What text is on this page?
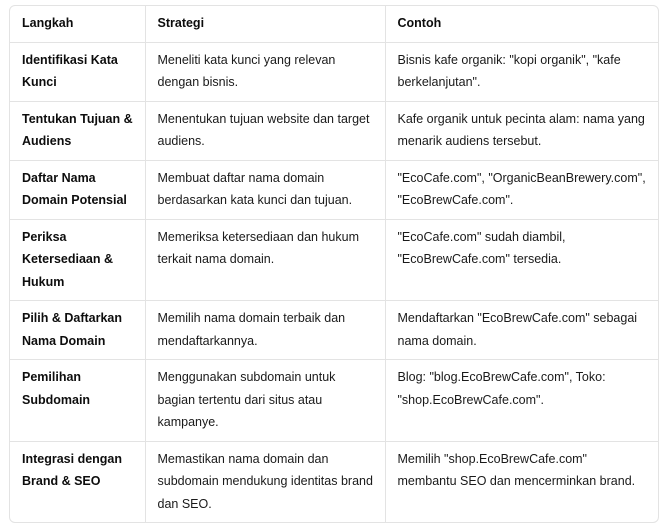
Langkah	Strategi	Contoh
Identifikasi Kata Kunci	Meneliti kata kunci yang relevan dengan bisnis.	Bisnis kafe organik: "kopi organik", "kafe berkelanjutan".
Tentukan Tujuan & Audiens	Menentukan tujuan website dan target audiens.	Kafe organik untuk pecinta alam: nama yang menarik audiens tersebut.
Daftar Nama Domain Potensial	Membuat daftar nama domain berdasarkan kata kunci dan tujuan.	"EcoCafe.com", "OrganicBeanBrewery.com", "EcoBrewCafe.com".
Periksa Ketersediaan & Hukum	Memeriksa ketersediaan dan hukum terkait nama domain.	"EcoCafe.com" sudah diambil, "EcoBrewCafe.com" tersedia.
Pilih & Daftarkan Nama Domain	Memilih nama domain terbaik dan mendaftarkannya.	Mendaftarkan "EcoBrewCafe.com" sebagai nama domain.
Pemilihan Subdomain	Menggunakan subdomain untuk bagian tertentu dari situs atau kampanye.	Blog: "blog.EcoBrewCafe.com", Toko: "shop.EcoBrewCafe.com".
Integrasi dengan Brand & SEO	Memastikan nama domain dan subdomain mendukung identitas brand dan SEO.	Memilih "shop.EcoBrewCafe.com" membantu SEO dan mencerminkan brand.
